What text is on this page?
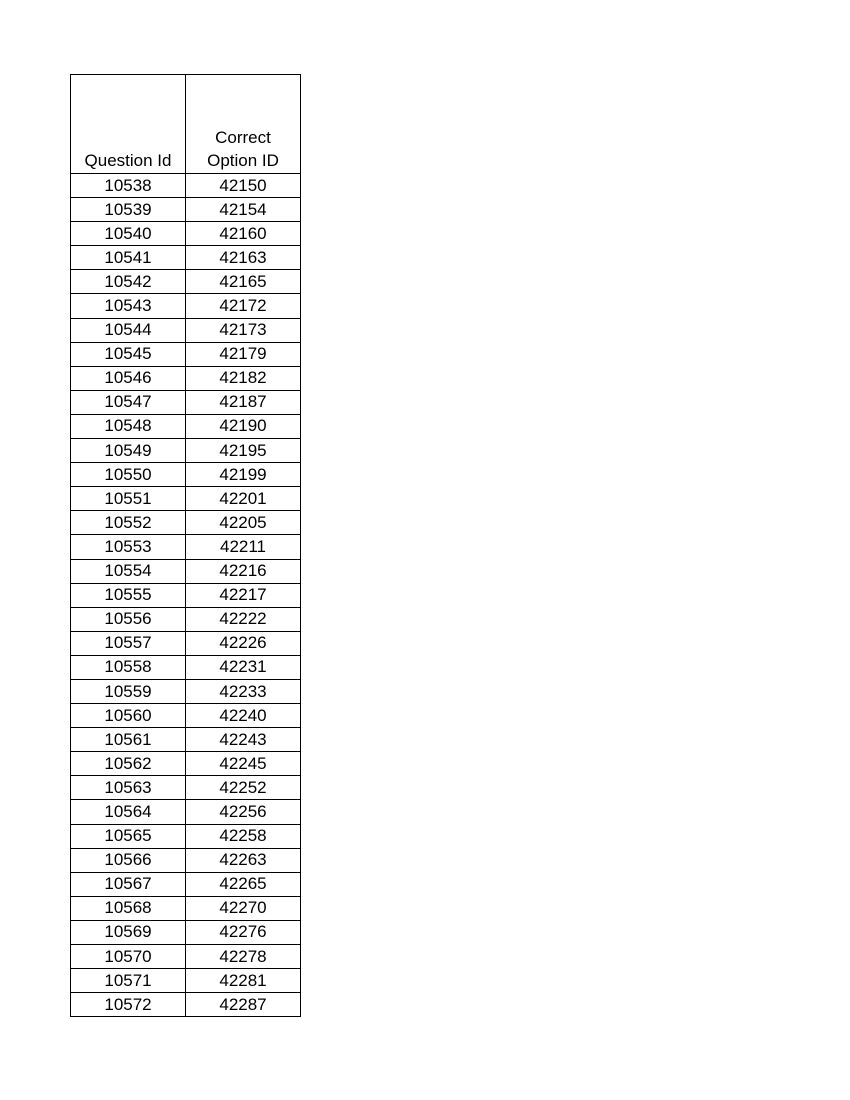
Question Id	Correct
Option ID

10538	42150
10539	42154
10540	42160
10541	42163
10542	42165
10543	42172
10544	42173
10545	42179
10546	42182
10547	42187
10548	42190
10549	42195
10550	42199
10551	42201
10552	42205
10553	42211
10554	42216
10555	42217
10556	42222
10557	42226
10558	42231
10559	42233
10560	42240
10561	42243
10562	42245
10563	42252
10564	42256
10565	42258
10566	42263
10567	42265
10568	42270
10569	42276
10570	42278
10571	42281
10572	42287
